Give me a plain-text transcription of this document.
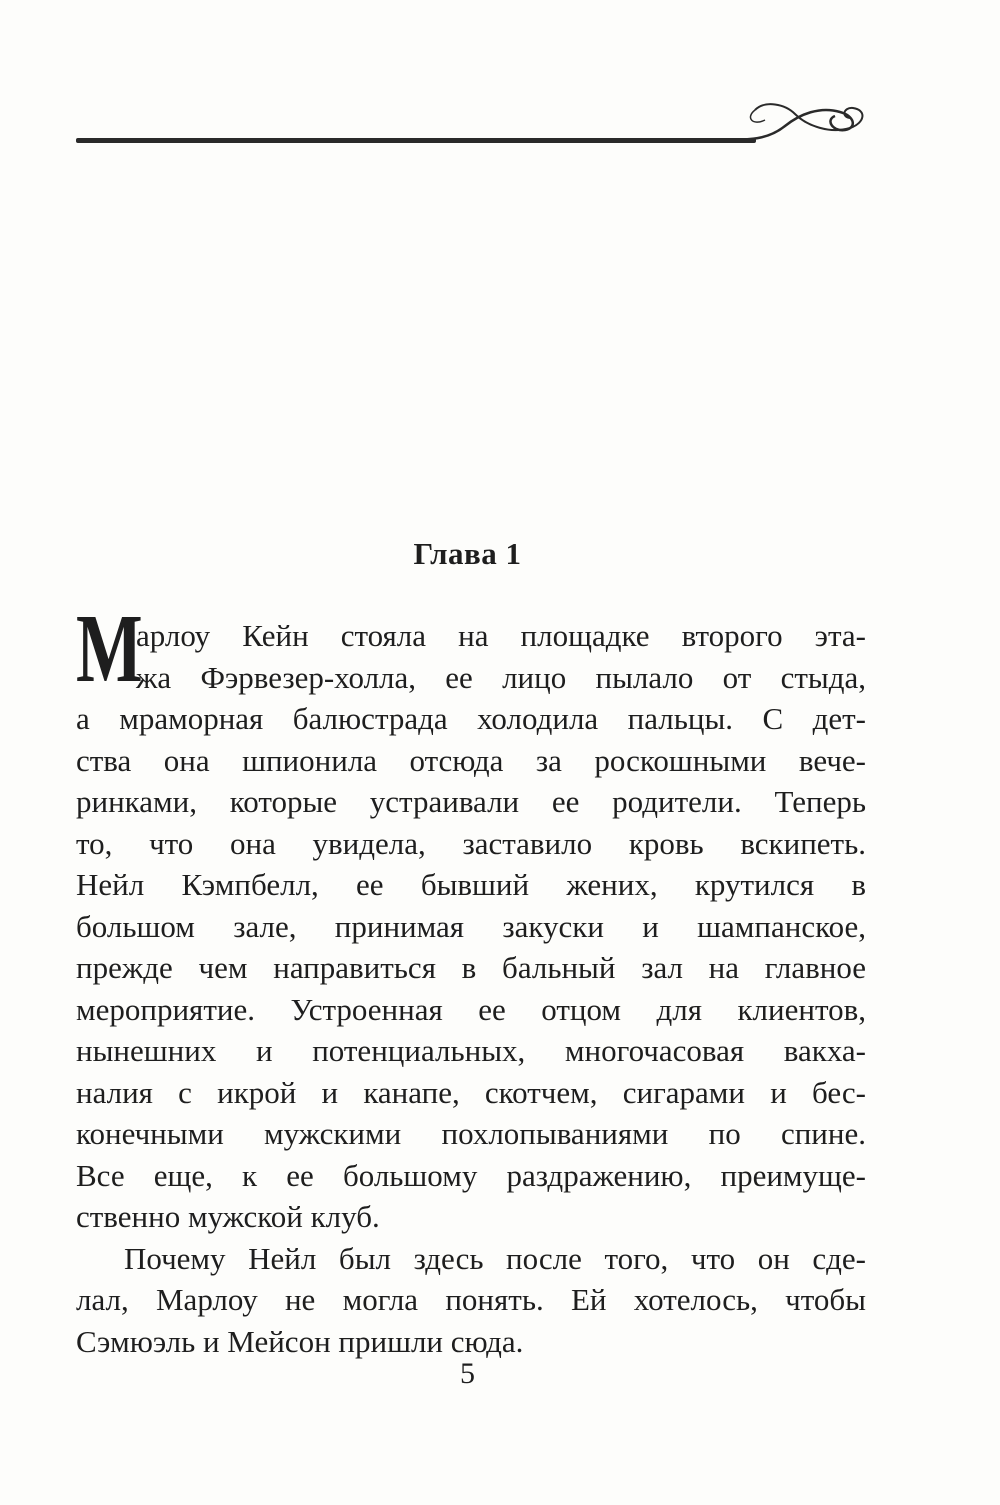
Глава 1
М
арлоу Кейн стояла на площадке второго эта-
жа Фэрвезер-холла, ее лицо пылало от стыда,
а мраморная балюстрада холодила пальцы. С дет-
ства она шпионила отсюда за роскошными вече-
ринками, которые устраивали ее родители. Теперь
то, что она увидела, заставило кровь вскипеть.
Нейл Кэмпбелл, ее бывший жених, крутился в
большом зале, принимая закуски и шампанское,
прежде чем направиться в бальный зал на главное
мероприятие. Устроенная ее отцом для клиентов,
нынешних и потенциальных, многочасовая вакха-
налия с икрой и канапе, скотчем, сигарами и бес-
конечными мужскими похлопываниями по спине.
Все еще, к ее большому раздражению, преимуще-
ственно мужской клуб.
Почему Нейл был здесь после того, что он сде-
лал, Марлоу не могла понять. Ей хотелось, чтобы
Сэмюэль и Мейсон пришли сюда.
5
